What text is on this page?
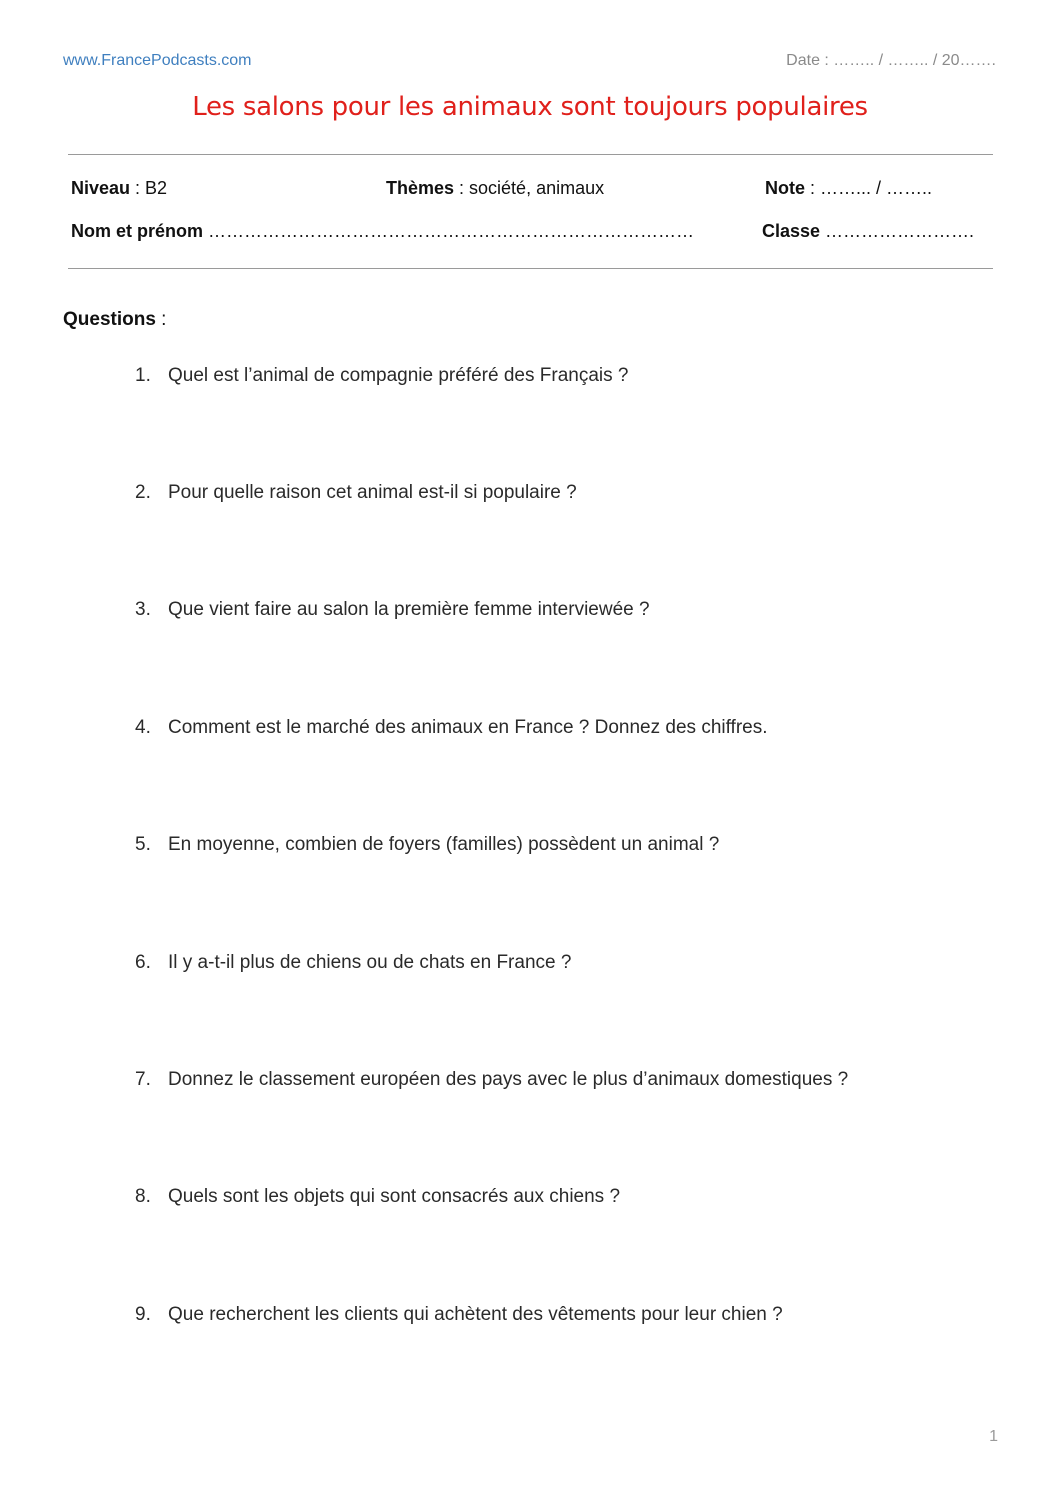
www.FrancePodcasts.com	Date : …….. / …….. / 20…….
Les salons pour les animaux sont toujours populaires
Niveau : B2	Thèmes : société, animaux	Note : ……... / ……..
Nom et prénom ………………………………………………………………………	Classe …………………….
Questions :
1. Quel est l’animal de compagnie préféré des Français ?
2. Pour quelle raison cet animal est-il si populaire ?
3. Que vient faire au salon la première femme interviewée ?
4. Comment est le marché des animaux en France ? Donnez des chiffres.
5. En moyenne, combien de foyers (familles) possèdent un animal ?
6. Il y a-t-il plus de chiens ou de chats en France ?
7. Donnez le classement européen des pays avec le plus d’animaux domestiques ?
8. Quels sont les objets qui sont consacrés aux chiens ?
9. Que recherchent les clients qui achètent des vêtements pour leur chien ?
1
